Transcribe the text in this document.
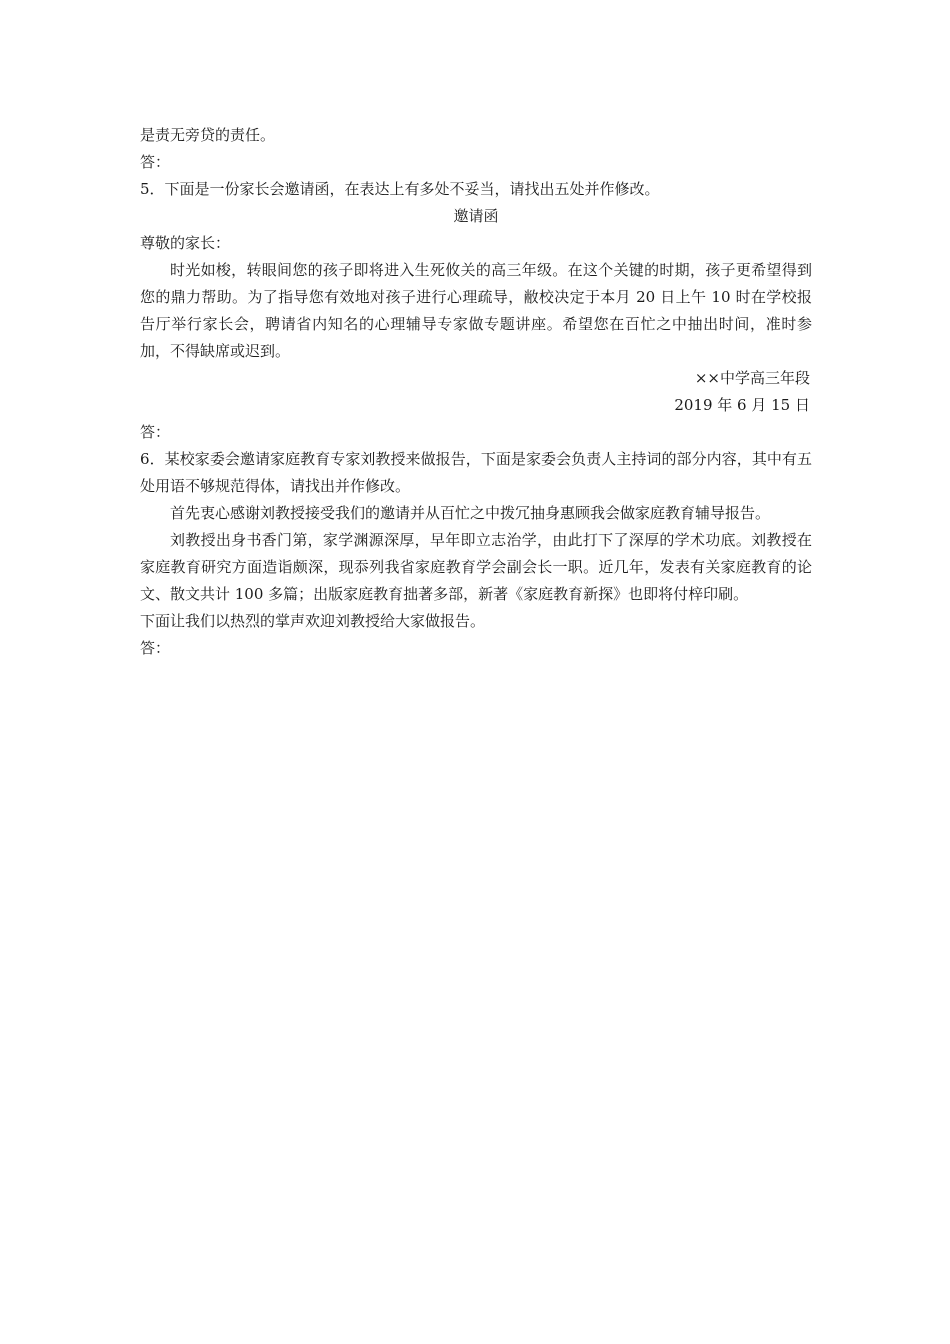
是责无旁贷的责任。
答：
5．下面是一份家长会邀请函，在表达上有多处不妥当，请找出五处并作修改。
邀请函
尊敬的家长：

时光如梭，转眼间您的孩子即将进入生死攸关的高三年级。在这个关键的时期，孩子更希望得到您的鼎力帮助。为了指导您有效地对孩子进行心理疏导，敝校决定于本月 20 日上午 10 时在学校报告厅举行家长会，聘请省内知名的心理辅导专家做专题讲座。希望您在百忙之中抽出时间，准时参加，不得缺席或迟到。

××中学高三年段
2019 年 6 月 15 日
答：

6．某校家委会邀请家庭教育专家刘教授来做报告，下面是家委会负责人主持词的部分内容，其中有五处用语不够规范得体，请找出并作修改。

首先衷心感谢刘教授接受我们的邀请并从百忙之中拨冗抽身惠顾我会做家庭教育辅导报告。

刘教授出身书香门第，家学渊源深厚，早年即立志治学，由此打下了深厚的学术功底。刘教授在家庭教育研究方面造诣颇深，现忝列我省家庭教育学会副会长一职。近几年，发表有关家庭教育的论文、散文共计 100 多篇；出版家庭教育拙著多部，新著《家庭教育新探》也即将付梓印刷。

下面让我们以热烈的掌声欢迎刘教授给大家做报告。
答：
